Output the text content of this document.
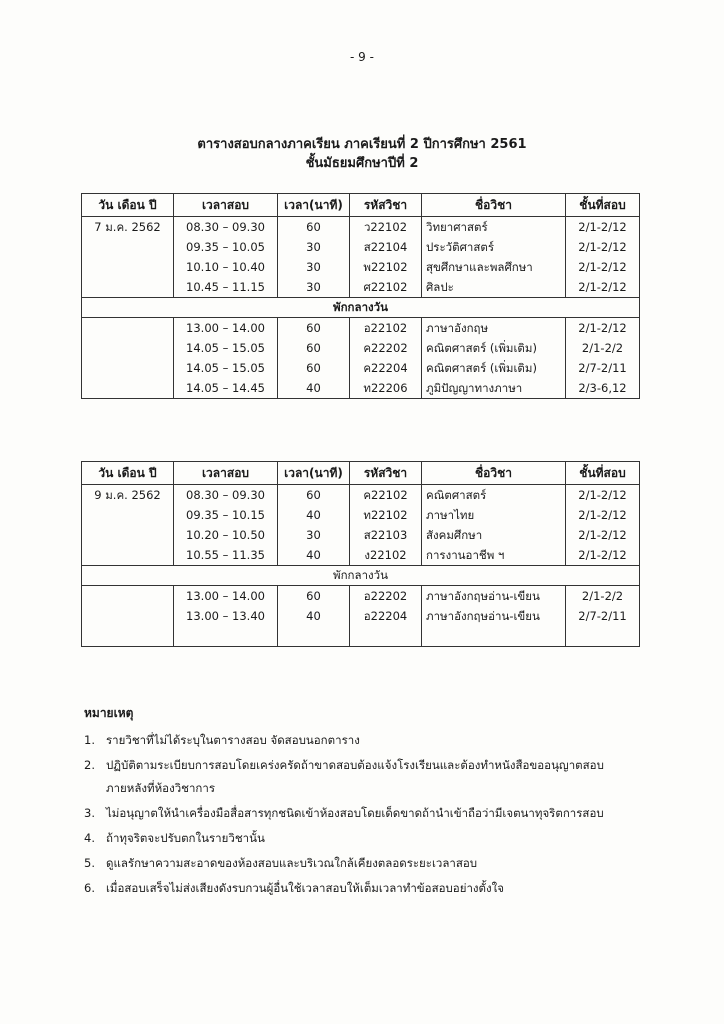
- 9 -
ตารางสอบกลางภาคเรียน ภาคเรียนที่ 2 ปีการศึกษา 2561
ชั้นมัธยมศึกษาปีที่ 2
วัน เดือน ปี	เวลาสอบ	เวลา(นาที)	รหัสวิชา	ชื่อวิชา	ชั้นที่สอบ
7 ม.ค. 2562	08.30 – 09.30	60	ว22102	วิทยาศาสตร์	2/1-2/12
	09.35 – 10.05	30	ส22104	ประวัติศาสตร์	2/1-2/12
	10.10 – 10.40	30	พ22102	สุขศึกษาและพลศึกษา	2/1-2/12
	10.45 – 11.15	30	ศ22102	ศิลปะ	2/1-2/12
พักกลางวัน					
	13.00 – 14.00	60	อ22102	ภาษาอังกฤษ	2/1-2/12
	14.05 – 15.05	60	ค22202	คณิตศาสตร์ (เพิ่มเติม)	2/1-2/2
	14.05 – 15.05	60	ค22204	คณิตศาสตร์ (เพิ่มเติม)	2/7-2/11
	14.05 – 14.45	40	ท22206	ภูมิปัญญาทางภาษา	2/3-6,12
วัน เดือน ปี	เวลาสอบ	เวลา(นาที)	รหัสวิชา	ชื่อวิชา	ชั้นที่สอบ
9 ม.ค. 2562	08.30 – 09.30	60	ค22102	คณิตศาสตร์	2/1-2/12
	09.35 – 10.15	40	ท22102	ภาษาไทย	2/1-2/12
	10.20 – 10.50	30	ส22103	สังคมศึกษา	2/1-2/12
	10.55 – 11.35	40	ง22102	การงานอาชีพ ฯ	2/1-2/12
พักกลางวัน					
	13.00 – 14.00	60	อ22202	ภาษาอังกฤษอ่าน-เขียน	2/1-2/2
	13.00 – 13.40	40	อ22204	ภาษาอังกฤษอ่าน-เขียน	2/7-2/11

หมายเหตุ
1. รายวิชาที่ไม่ได้ระบุในตารางสอบ จัดสอบนอกตาราง
2. ปฏิบัติตามระเบียบการสอบโดยเคร่งครัดถ้าขาดสอบต้องแจ้งโรงเรียนและต้องทำหนังสือขออนุญาตสอบ
ภายหลังที่ห้องวิชาการ
3. ไม่อนุญาตให้นำเครื่องมือสื่อสารทุกชนิดเข้าห้องสอบโดยเด็ดขาดถ้านำเข้าถือว่ามีเจตนาทุจริตการสอบ
4. ถ้าทุจริตจะปรับตกในรายวิชานั้น
5. ดูแลรักษาความสะอาดของห้องสอบและบริเวณใกล้เคียงตลอดระยะเวลาสอบ
6. เมื่อสอบเสร็จไม่ส่งเสียงดังรบกวนผู้อื่นใช้เวลาสอบให้เต็มเวลาทำข้อสอบอย่างตั้งใจ
